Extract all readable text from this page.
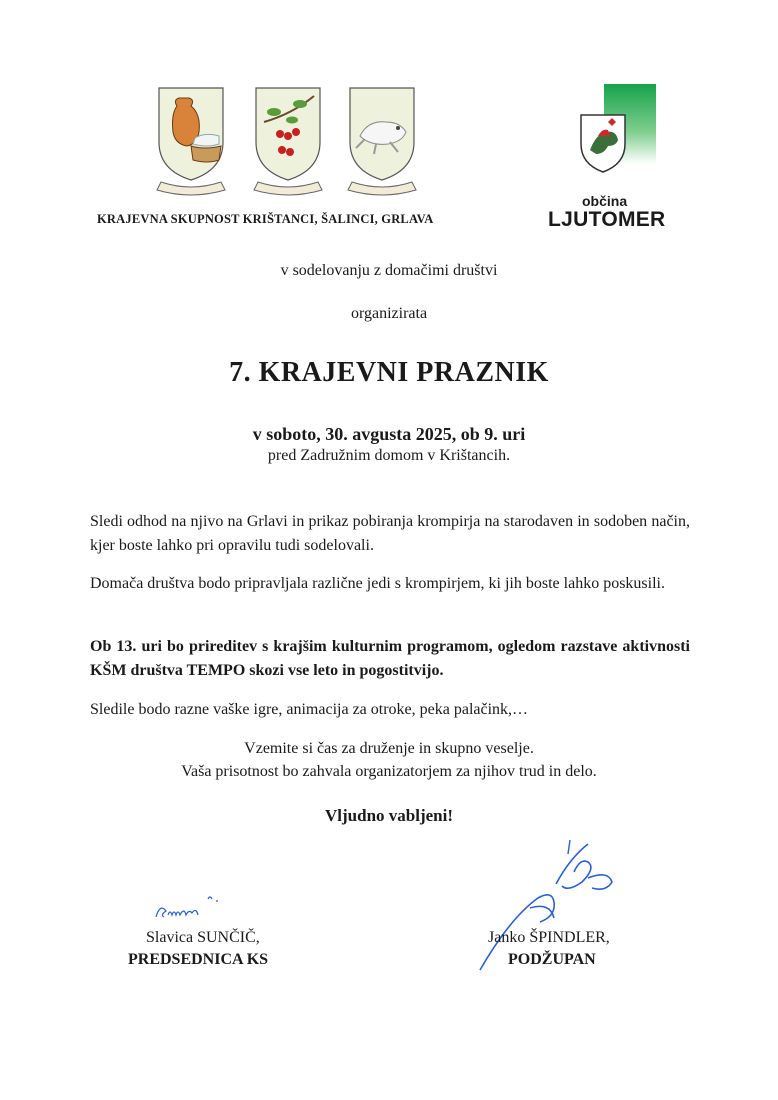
KRAJEVNA SKUPNOST KRIŠTANCI, ŠALINCI, GRLAVA
občina
LJUTOMER
v sodelovanju z domačimi društvi
organizirata
7. KRAJEVNI PRAZNIK
v soboto, 30. avgusta 2025, ob 9. uri
pred Zadružnim domom v Krištancih.
Sledi odhod na njivo na Grlavi in prikaz pobiranja krompirja na starodaven in sodoben način, kjer boste lahko pri opravilu tudi sodelovali.
Domača društva bodo pripravljala različne jedi s krompirjem, ki jih boste lahko poskusili.
Ob 13. uri bo prireditev s krajšim kulturnim programom, ogledom razstave aktivnosti KŠM društva TEMPO skozi vse leto in pogostitvijo.
Sledile bodo razne vaške igre, animacija za otroke, peka palačink,…
Vzemite si čas za druženje in skupno veselje.
Vaša prisotnost bo zahvala organizatorjem za njihov trud in delo.
Vljudno vabljeni!
Slavica SUNČIČ,
PREDSEDNICA KS
Janko ŠPINDLER,
PODŽUPAN
